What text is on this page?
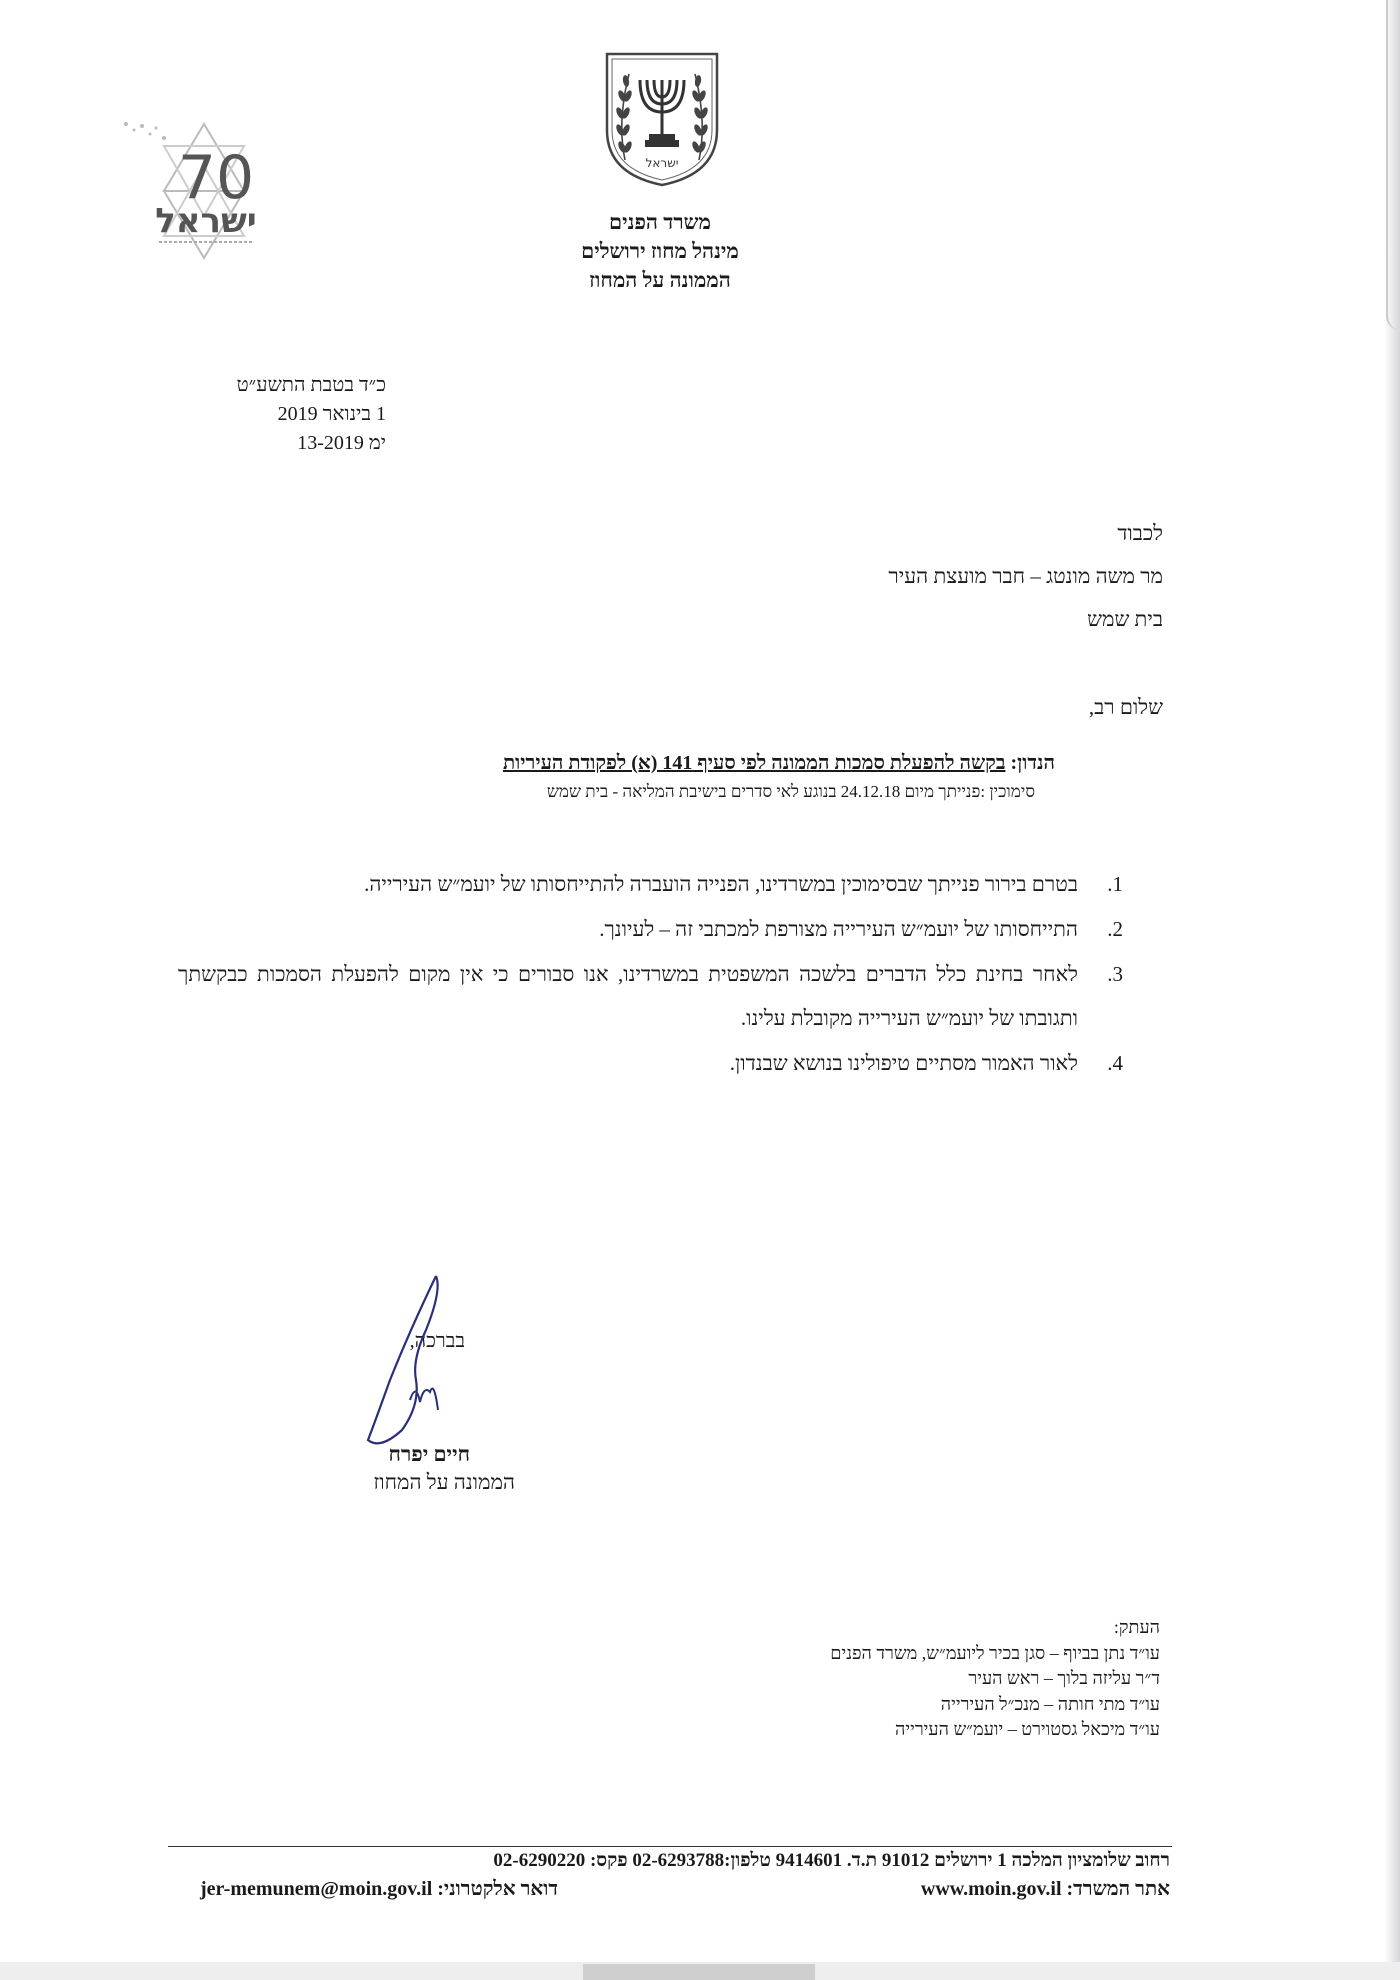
ישראל
70
ישראל	משרד הפנים
מינהל מחוז ירושלים
הממונה על המחוז
כ״ד בטבת התשע״ט
1 בינואר 2019
ימ 13-2019
לכבוד
מר משה מונטג – חבר מועצת העיר
בית שמש
שלום רב,
הנדון: בקשה להפעלת סמכות הממונה לפי סעיף 141 (א) לפקודת העיריות
סימוכין :פנייתך מיום 24.12.18 בנוגע לאי סדרים בישיבת המליאה - בית שמש
1.
בטרם בירור פנייתך שבסימוכין במשרדינו, הפנייה הועברה להתייחסותו של יועמ״ש העירייה.
2.
התייחסותו של יועמ״ש העירייה מצורפת למכתבי זה – לעיונך.
3.
לאחר בחינת כלל הדברים בלשכה המשפטית במשרדינו, אנו סבורים כי אין מקום להפעלת הסמכות כבקשתך ותגובתו של יועמ״ש העירייה מקובלת עלינו.
4.
לאור האמור מסתיים טיפולינו בנושא שבנדון.
בברכה,
חיים יפרח
הממונה על המחוז
העתק:
עו״ד נתן בביוף – סגן בכיר ליועמ״ש, משרד הפנים
ד״ר עליזה בלוך – ראש העיר
עו״ד מתי חותה – מנכ״ל העירייה
עו״ד מיכאל גסטוירט – יועמ״ש העירייה
רחוב שלומציון המלכה 1 ירושלים 91012 ת.ד. 9414601 טלפון:02-6293788 פקס: 02-6290220
אתר המשרד: www.moin.gov.il
דואר אלקטרוני: jer-memunem@moin.gov.il
